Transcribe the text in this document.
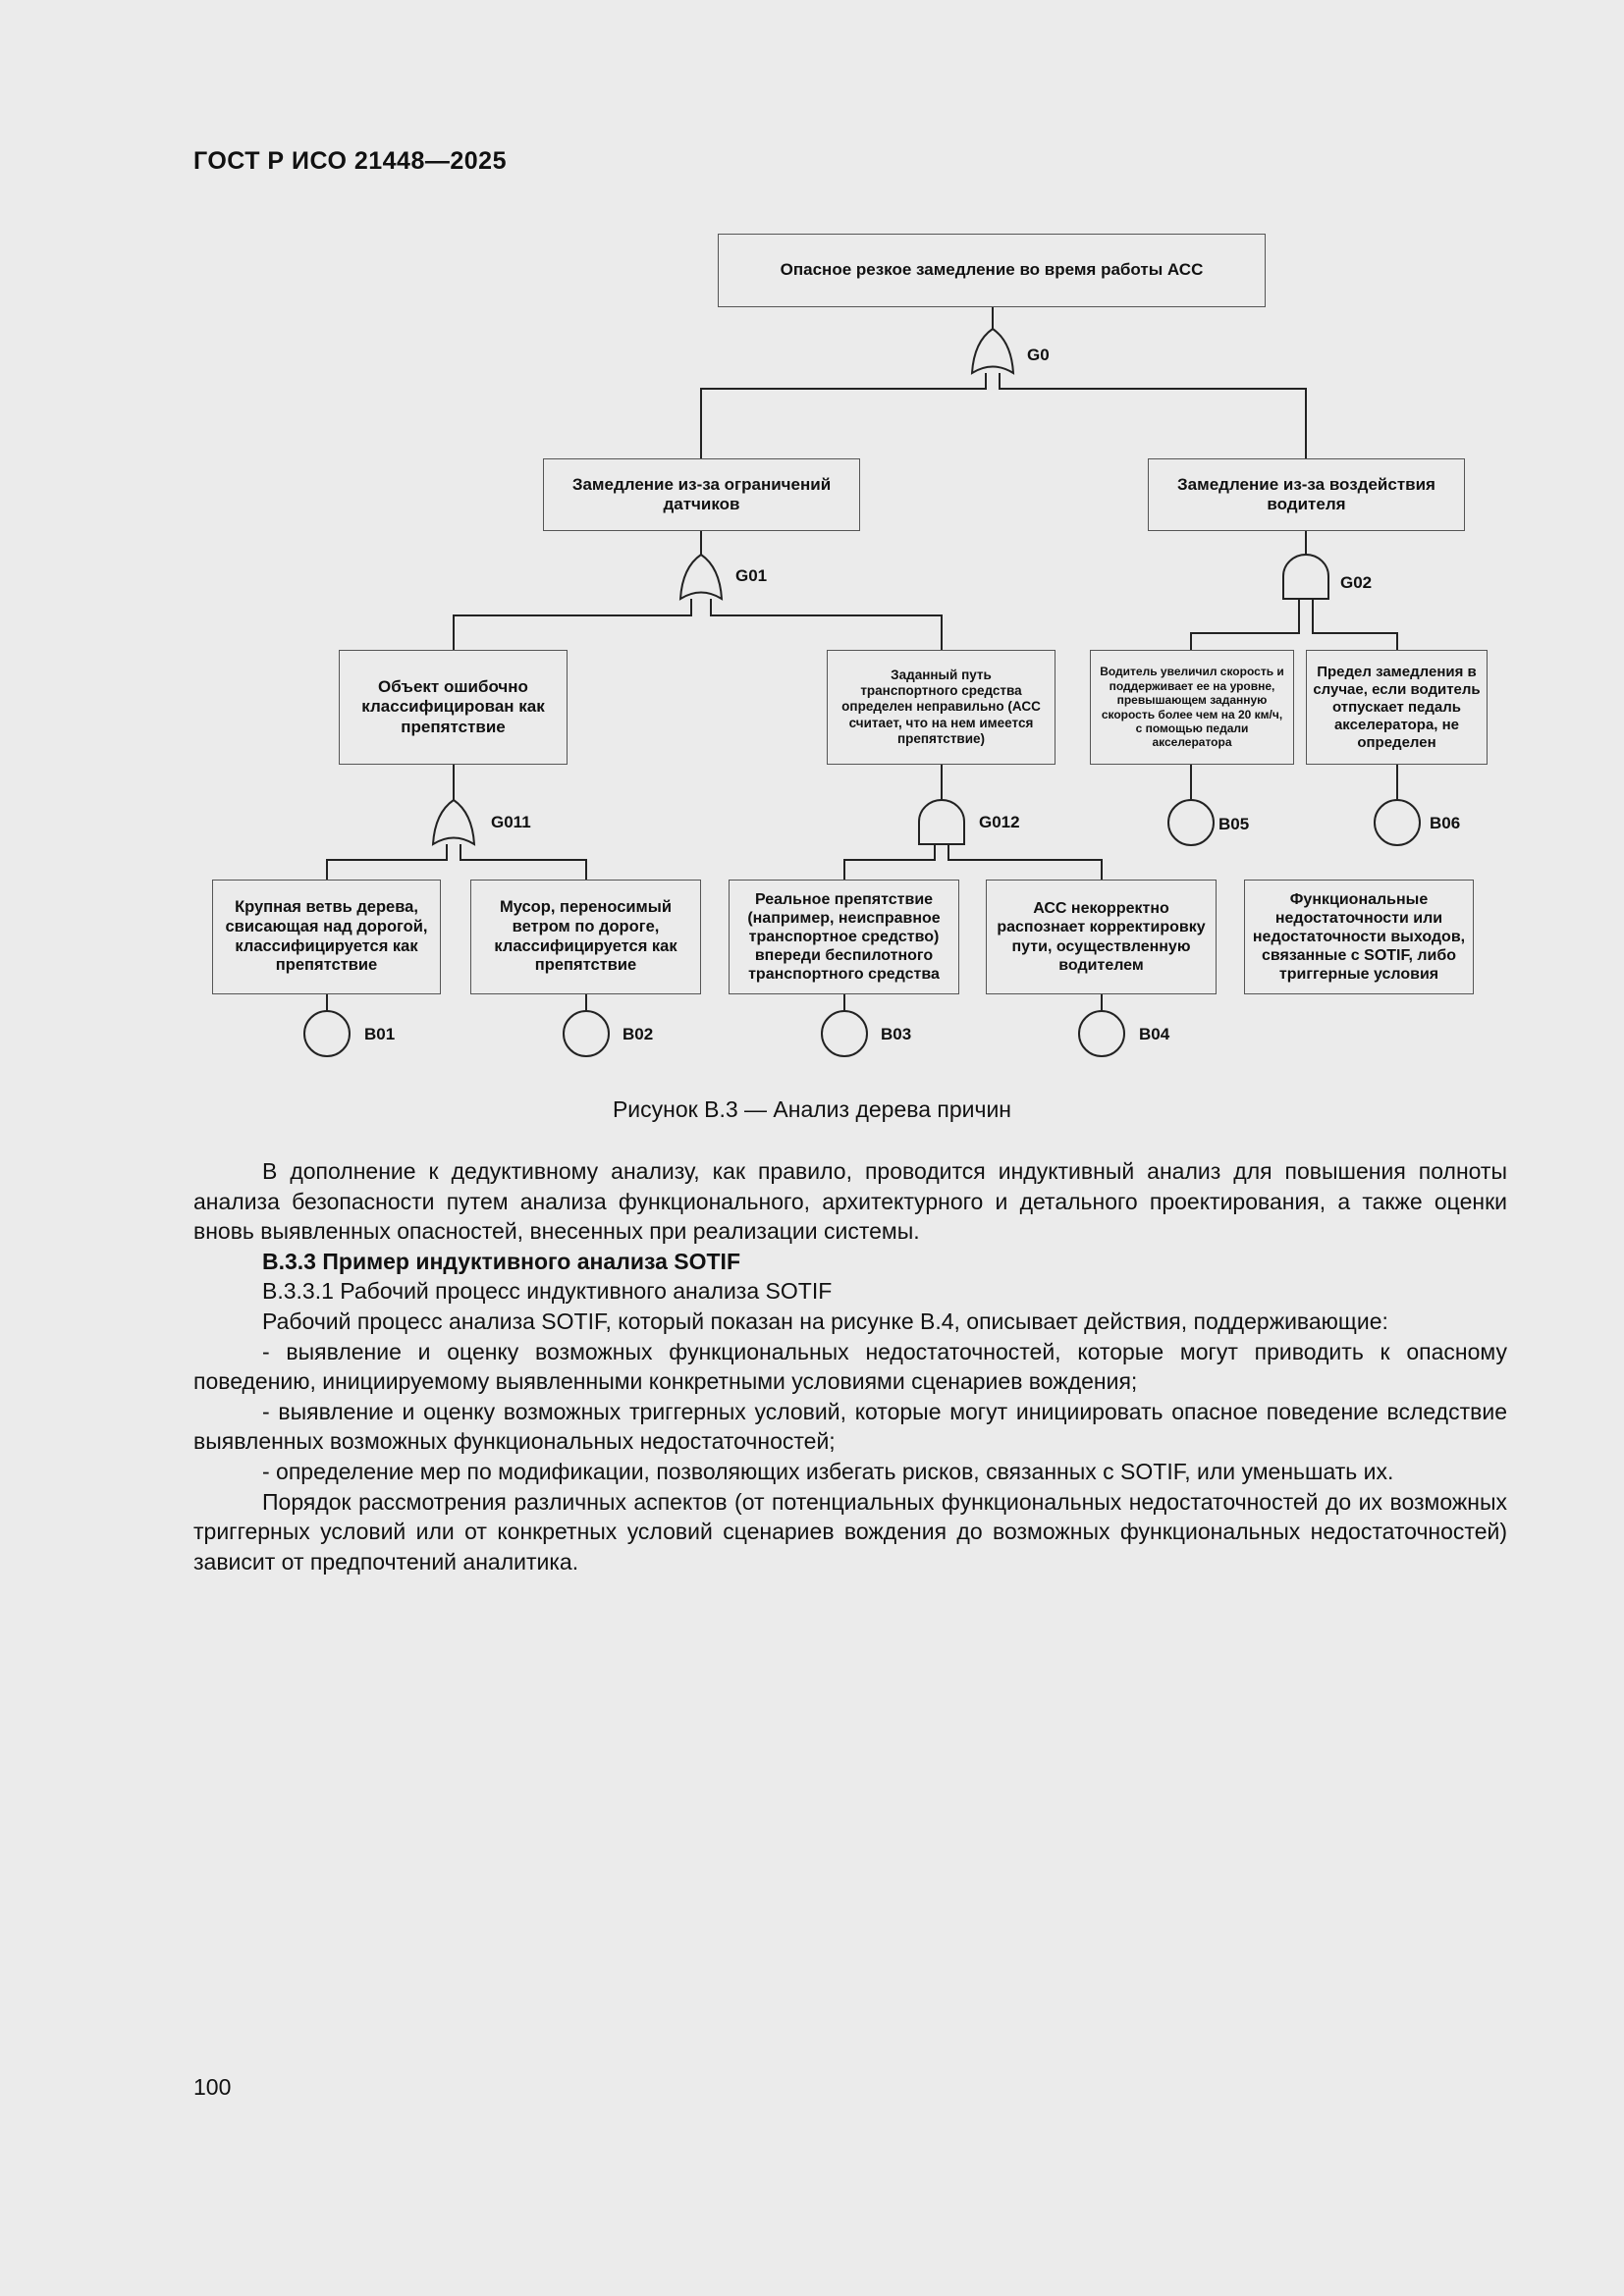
ГОСТ Р ИСО 21448—2025
Опасное резкое замедление во время работы АСС
Замедление из-за ограничений датчиков
Замедление из-за воздействия водителя
Объект ошибочно классифицирован как препятствие
Заданный путь транспортного средства определен неправильно (АСС считает, что на нем имеется препятствие)
Водитель увеличил скорость и поддерживает ее на уровне, превышающем заданную скорость более чем на 20 км/ч, с помощью педали акселератора
Предел замедления в случае, если водитель отпускает педаль акселератора, не определен
Крупная ветвь дерева, свисающая над дорогой, классифицируется как препятствие
Мусор, переносимый ветром по дороге, классифицируется как препятствие
Реальное препятствие (например, неисправное транспортное средство) впереди беспилотного транспортного средства
АСС некорректно распознает корректировку пути, осуществленную водителем
Функциональные недостаточности или недостаточности выходов, связанные с SOTIF, либо триггерные условия
G0
G01	G02
G011	G012
B01	B02	B03	B04
B05	B06
Рисунок В.3 — Анализ дерева причин

В дополнение к дедуктивному анализу, как правило, проводится индуктивный анализ для повышения полноты анализа безопасности путем анализа функционального, архитектурного и детального проектирования, а также оценки вновь выявленных опасностей, внесенных при реализации системы.

В.3.3 Пример индуктивного анализа SOTIF

В.3.3.1 Рабочий процесс индуктивного анализа SOTIF

Рабочий процесс анализа SOTIF, который показан на рисунке В.4, описывает действия, поддерживающие:

- выявление и оценку возможных функциональных недостаточностей, которые могут приводить к опасному поведению, инициируемому выявленными конкретными условиями сценариев вождения;

- выявление и оценку возможных триггерных условий, которые могут инициировать опасное поведение вследствие выявленных возможных функциональных недостаточностей;

- определение мер по модификации, позволяющих избегать рисков, связанных с SOTIF, или уменьшать их.

Порядок рассмотрения различных аспектов (от потенциальных функциональных недостаточностей до их возможных триггерных условий или от конкретных условий сценариев вождения до возможных функциональных недостаточностей) зависит от предпочтений аналитика.

100
